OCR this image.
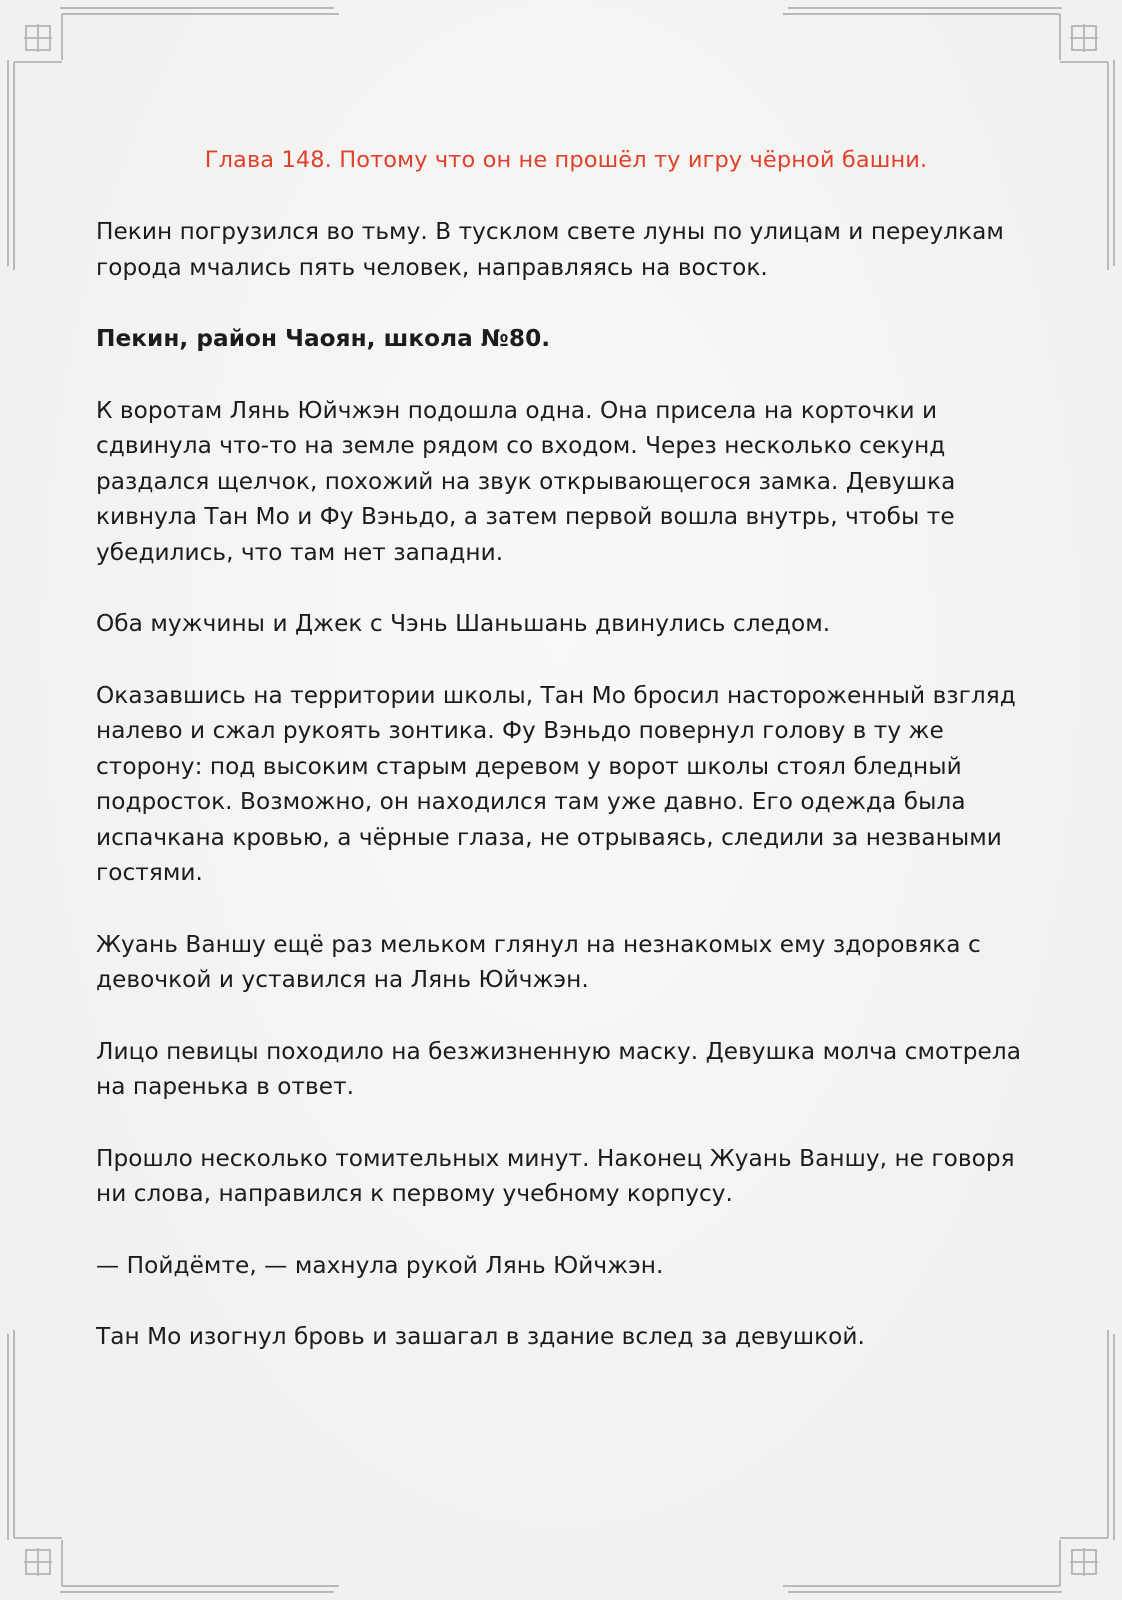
Глава 148. Потому что он не прошёл ту игру чёрной башни.

Пекин погрузился во тьму. В тусклом свете луны по улицам и переулкам города мчались пять человек, направляясь на восток.

Пекин, район Чаоян, школа №80.

К воротам Лянь Юйчжэн подошла одна. Она присела на корточки и сдвинула что-то на земле рядом со входом. Через несколько секунд раздался щелчок, похожий на звук открывающегося замка. Девушка кивнула Тан Мо и Фу Вэньдо, а затем первой вошла внутрь, чтобы те убедились, что там нет западни.

Оба мужчины и Джек с Чэнь Шаньшань двинулись следом.

Оказавшись на территории школы, Тан Мо бросил настороженный взгляд налево и сжал рукоять зонтика. Фу Вэньдо повернул голову в ту же сторону: под высоким старым деревом у ворот школы стоял бледный подросток. Возможно, он находился там уже давно. Его одежда была испачкана кровью, а чёрные глаза, не отрываясь, следили за незваными гостями.

Жуань Ваншу ещё раз мельком глянул на незнакомых ему здоровяка с девочкой и уставился на Лянь Юйчжэн.

Лицо певицы походило на безжизненную маску. Девушка молча смотрела на паренька в ответ.

Прошло несколько томительных минут. Наконец Жуань Ваншу, не говоря ни слова, направился к первому учебному корпусу.

— Пойдёмте, — махнула рукой Лянь Юйчжэн.

Тан Мо изогнул бровь и зашагал в здание вслед за девушкой.
